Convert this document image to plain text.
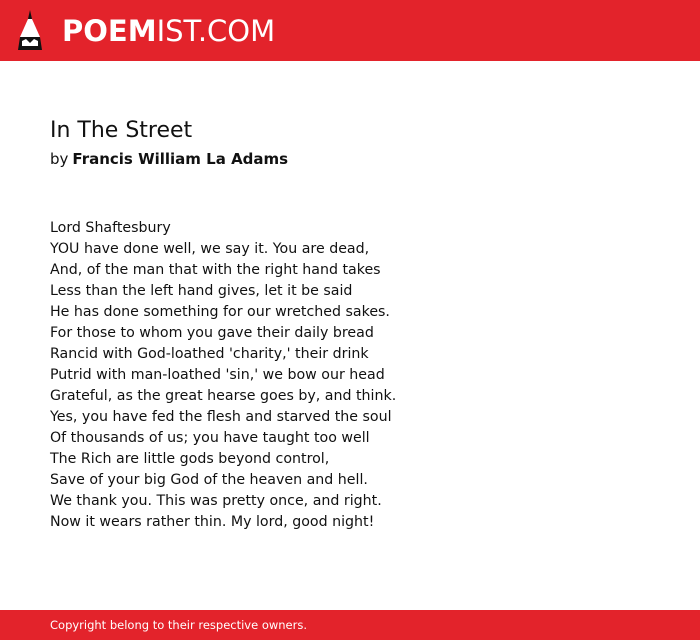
POEMIST.COM
In The Street
by Francis William La Adams
Lord Shaftesbury
YOU have done well, we say it. You are dead,
And, of the man that with the right hand takes
Less than the left hand gives, let it be said
He has done something for our wretched sakes.
For those to whom you gave their daily bread
Rancid with God-loathed 'charity,' their drink
Putrid with man-loathed 'sin,' we bow our head
Grateful, as the great hearse goes by, and think.
Yes, you have fed the flesh and starved the soul
Of thousands of us; you have taught too well
The Rich are little gods beyond control,
Save of your big God of the heaven and hell.
We thank you. This was pretty once, and right.
Now it wears rather thin. My lord, good night!
Copyright belong to their respective owners.
